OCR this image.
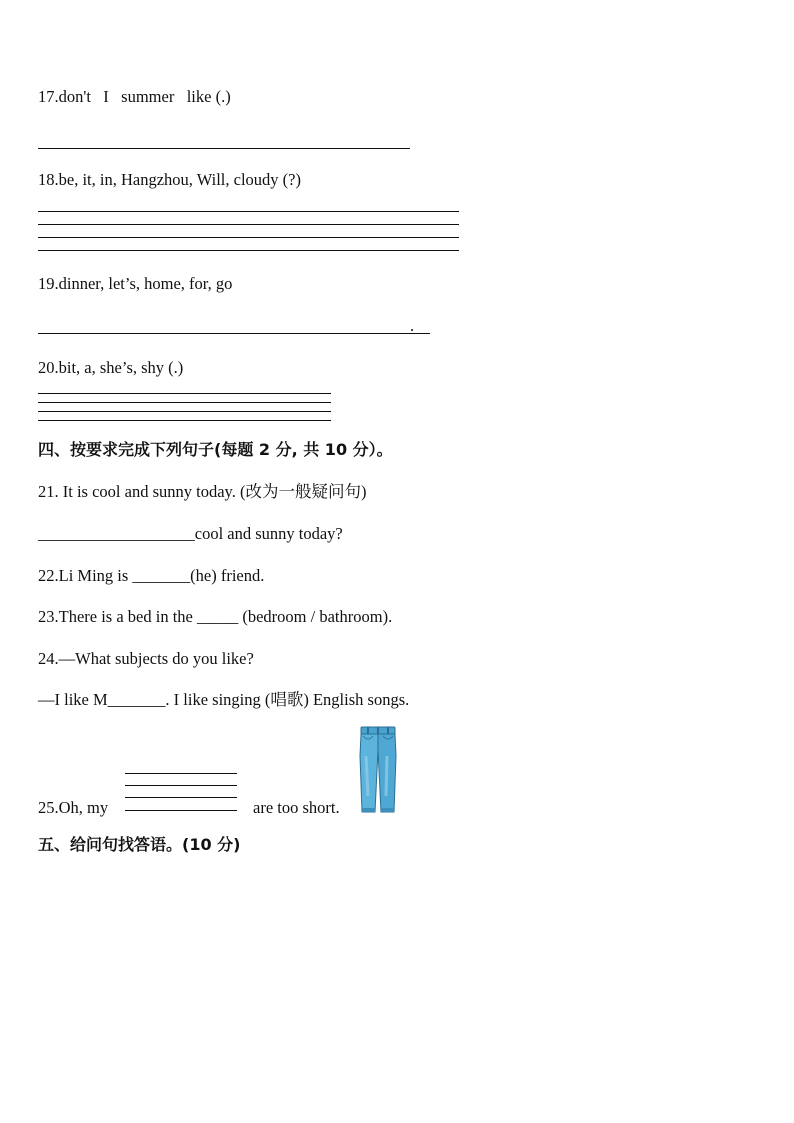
17.don't   I   summer   like (.)
18.be, it, in, Hangzhou, Will, cloudy (?)
19.dinner, let’s, home, for, go
.
20.bit, a, she’s, shy (.)
四、按要求完成下列句子(每题 2 分, 共 10 分）。
21. It is cool and sunny today. (改为一般疑问句)
___________________cool and sunny today?
22.Li Ming is _______(he) friend.
23.There is a bed in the _____ (bedroom / bathroom).
24.—What subjects do you like?
—I like M_______. I like singing (唱歌) English songs.
25.Oh, my	are too short.
五、给问句找答语。(10 分)
